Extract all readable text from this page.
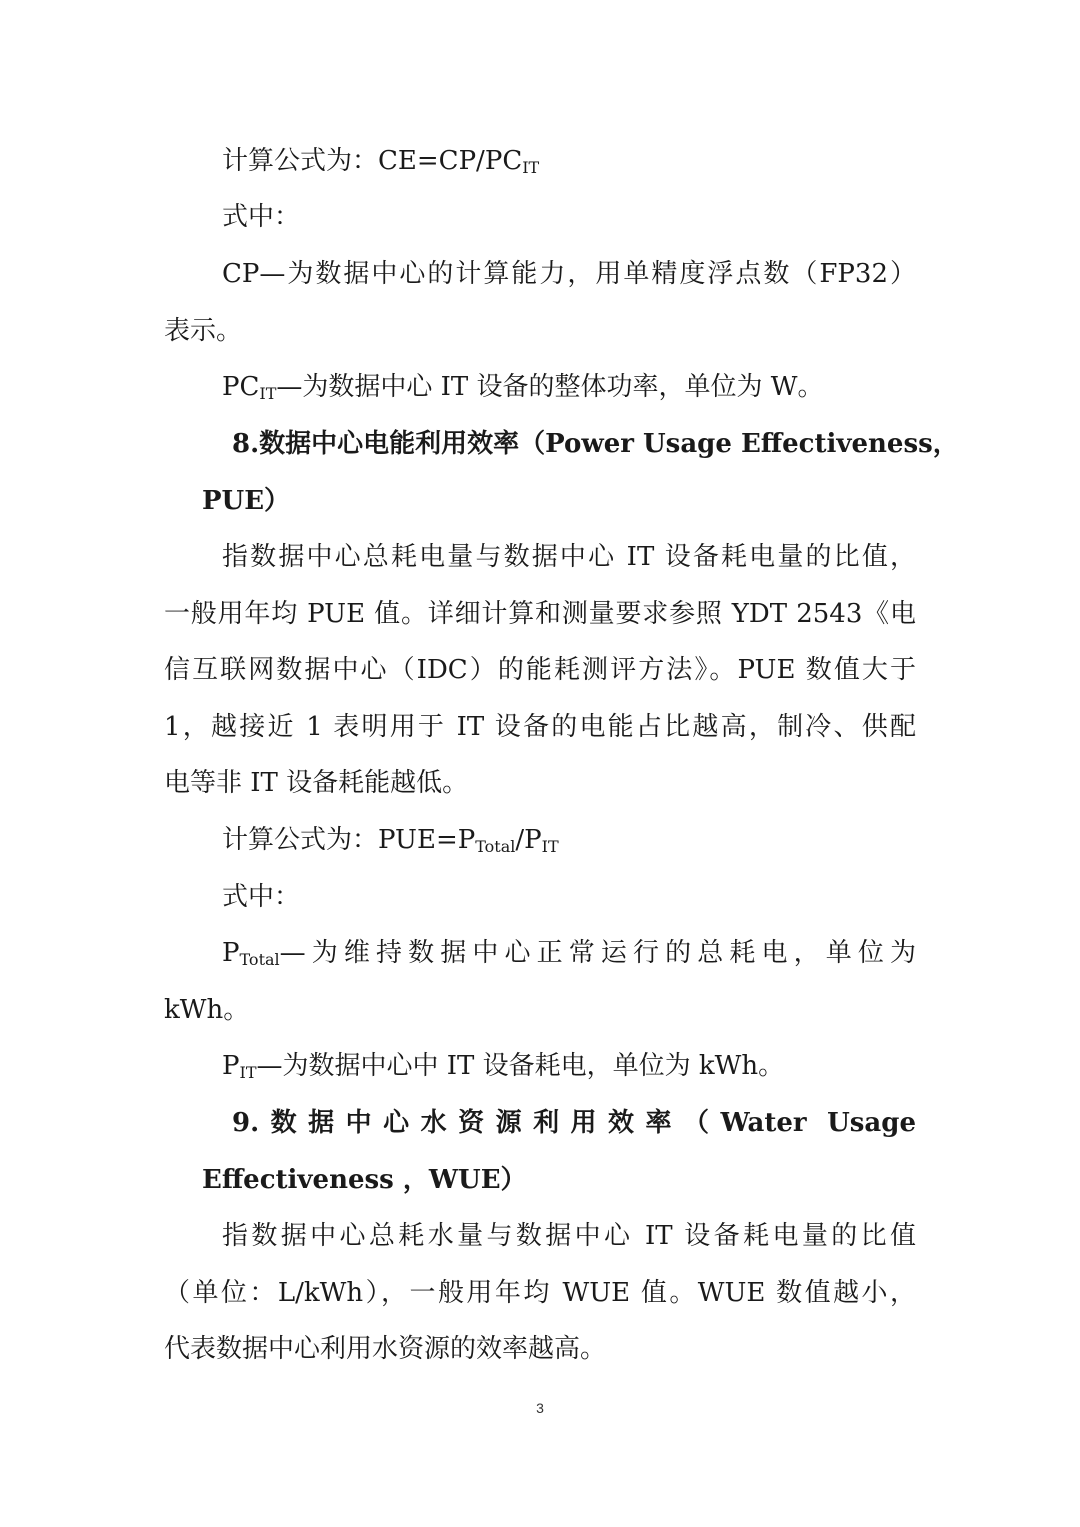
计算公式为：$CE=CP/PC_{IT}$
式中：
CP—为数据中心的计算能力，用单精度浮点数（FP32）
表示。
$PC_{IT}—$为数据中心 IT 设备的整体功率，单位为 W。
8.数据中心电能利用效率（Power Usage Effectiveness，
PUE）
指数据中心总耗电量与数据中心 IT 设备耗电量的比值，
一般用年均 PUE 值。详细计算和测量要求参照 YDT 2543《电
信互联网数据中心（IDC）的能耗测评方法》。PUE 数值大于
1，越接近 1 表明用于 IT 设备的电能占比越高，制冷、供配
电等非 IT 设备耗能越低。
计算公式为：$PUE=P_{Total}/P_{IT}$
式中：
$P_{Total}—$为维持数据中心正常运行的总耗电，单位为
kWh。
$P_{IT}—$为数据中心中 IT 设备耗电，单位为 kWh。
9.数据中心水资源利用效率（Water Usage
Effectiveness ，WUE）
指数据中心总耗水量与数据中心 IT 设备耗电量的比值
（单位：L/kWh），一般用年均 WUE 值。WUE 数值越小，
代表数据中心利用水资源的效率越高。
3
